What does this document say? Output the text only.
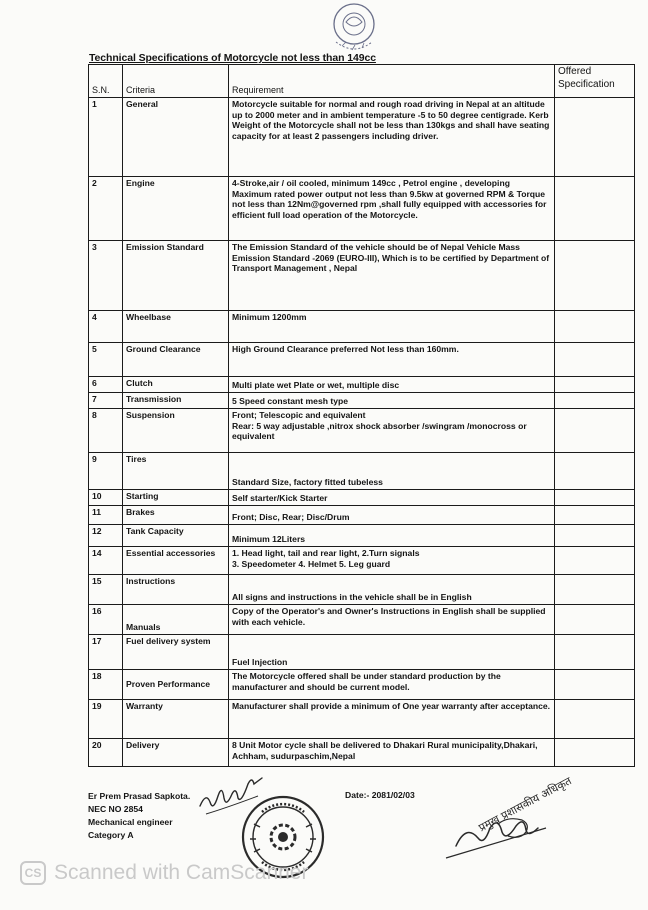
Technical Specifications of Motorcycle not less than 149cc
S.N.	Criteria	Requirement	Offered Specification
1	General	Motorcycle suitable for normal and rough road driving in Nepal at an altitude up to 2000 meter and in ambient temperature -5 to 50 degree centigrade. Kerb Weight of the Motorcycle shall not be less than 130kgs and shall have seating capacity for at least 2 passengers including driver.	
2	Engine	4-Stroke,air / oil cooled, minimum 149cc , Petrol engine , developing Maximum rated power output not less than 9.5kw at governed RPM & Torque not less than 12Nm@governed rpm ,shall fully equipped with accessories for efficient full load operation of the Motorcycle.	
3	Emission Standard	The Emission Standard of the vehicle should be of Nepal Vehicle Mass Emission Standard -2069 (EURO-III), Which is to be certified by Department of Transport Management , Nepal	
4	Wheelbase	Minimum 1200mm	
5	Ground Clearance	High Ground Clearance preferred Not less than 160mm.	
6	Clutch	Multi plate wet Plate or wet, multiple disc	
7	Transmission	5 Speed constant mesh type	
8	Suspension	Front; Telescopic and equivalent
Rear: 5 way adjustable ,nitrox shock absorber /swingram /monocross or equivalent	
9	Tires	Standard Size, factory fitted tubeless	
10	Starting	Self starter/Kick Starter	
11	Brakes	Front; Disc, Rear; Disc/Drum	
12	Tank Capacity	Minimum 12Liters	
14	Essential accessories	1. Head light, tail and rear light, 2.Turn signals
3. Speedometer 4. Helmet 5. Leg guard	
15	Instructions	All signs and instructions in the vehicle shall be in English	
16	Manuals	Copy of the Operator's and Owner's Instructions in English shall be supplied with each vehicle.	
17	Fuel delivery system	Fuel Injection	
18	Proven Performance	The Motorcycle offered shall be under standard production by the manufacturer and should be current model.	
19	Warranty	Manufacturer shall provide a minimum of One year warranty after acceptance.	
20	Delivery	8 Unit Motor cycle shall be delivered to Dhakari Rural municipality,Dhakari, Achham, sudurpaschim,Nepal	
Er Prem Prasad Sapkota.
NEC NO 2854
Mechanical engineer
Category A
Date:- 2081/02/03	प्रमुख प्रशासकीय अधिकृत
CS Scanned with CamScanner
